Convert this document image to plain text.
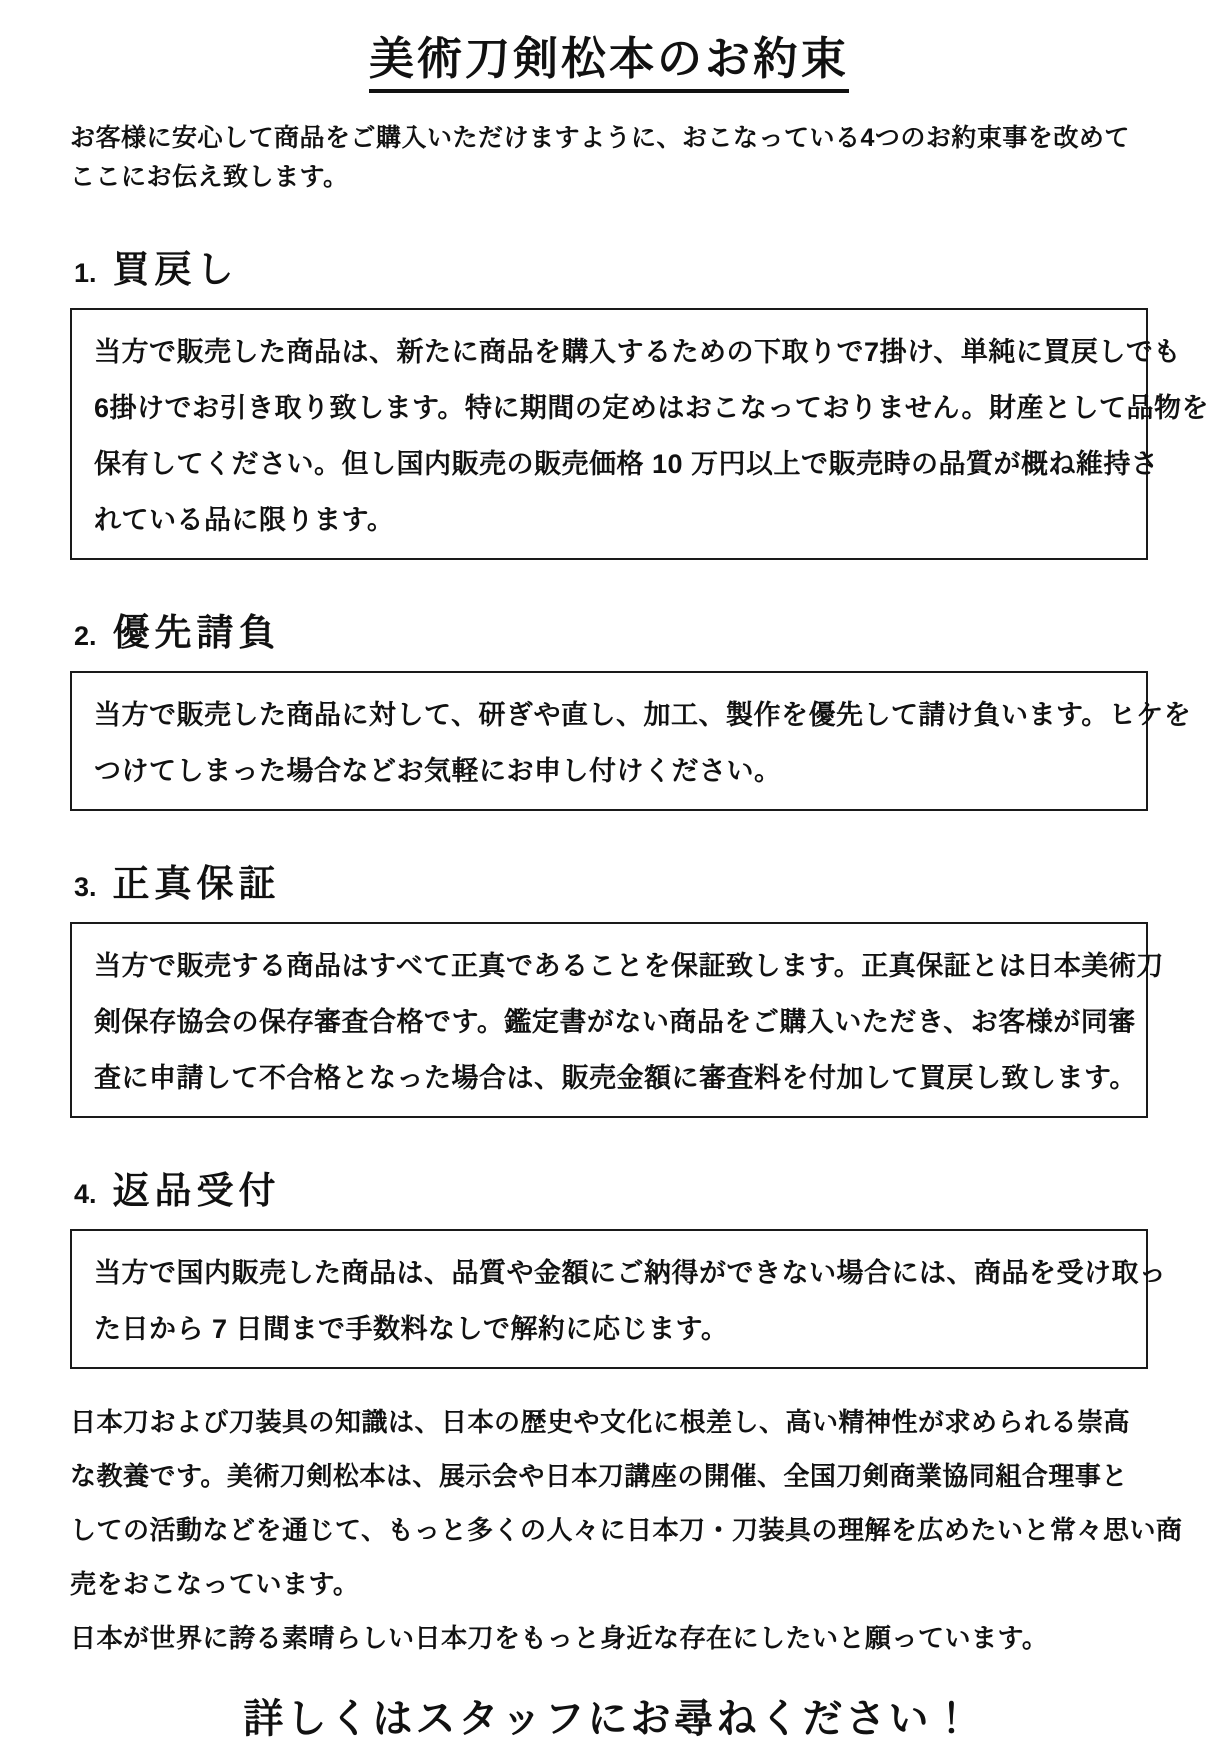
美術刀剣松本のお約束
お客様に安心して商品をご購入いただけますように、おこなっている4つのお約束事を改めて
ここにお伝え致します。
1. 買戻し
当方で販売した商品は、新たに商品を購入するための下取りで7掛け、単純に買戻しでも
6掛けでお引き取り致します。特に期間の定めはおこなっておりません。財産として品物を
保有してください。但し国内販売の販売価格 10 万円以上で販売時の品質が概ね維持さ
れている品に限ります。
2. 優先請負
当方で販売した商品に対して、研ぎや直し、加工、製作を優先して請け負います。ヒケを
つけてしまった場合などお気軽にお申し付けください。
3. 正真保証
当方で販売する商品はすべて正真であることを保証致します。正真保証とは日本美術刀
剣保存協会の保存審査合格です。鑑定書がない商品をご購入いただき、お客様が同審
査に申請して不合格となった場合は、販売金額に審査料を付加して買戻し致します。
4. 返品受付
当方で国内販売した商品は、品質や金額にご納得ができない場合には、商品を受け取っ
た日から 7 日間まで手数料なしで解約に応じます。
日本刀および刀装具の知識は、日本の歴史や文化に根差し、高い精神性が求められる崇高
な教養です。美術刀剣松本は、展示会や日本刀講座の開催、全国刀剣商業協同組合理事と
しての活動などを通じて、もっと多くの人々に日本刀・刀装具の理解を広めたいと常々思い商
売をおこなっています。
日本が世界に誇る素晴らしい日本刀をもっと身近な存在にしたいと願っています。
詳しくはスタッフにお尋ねください！
